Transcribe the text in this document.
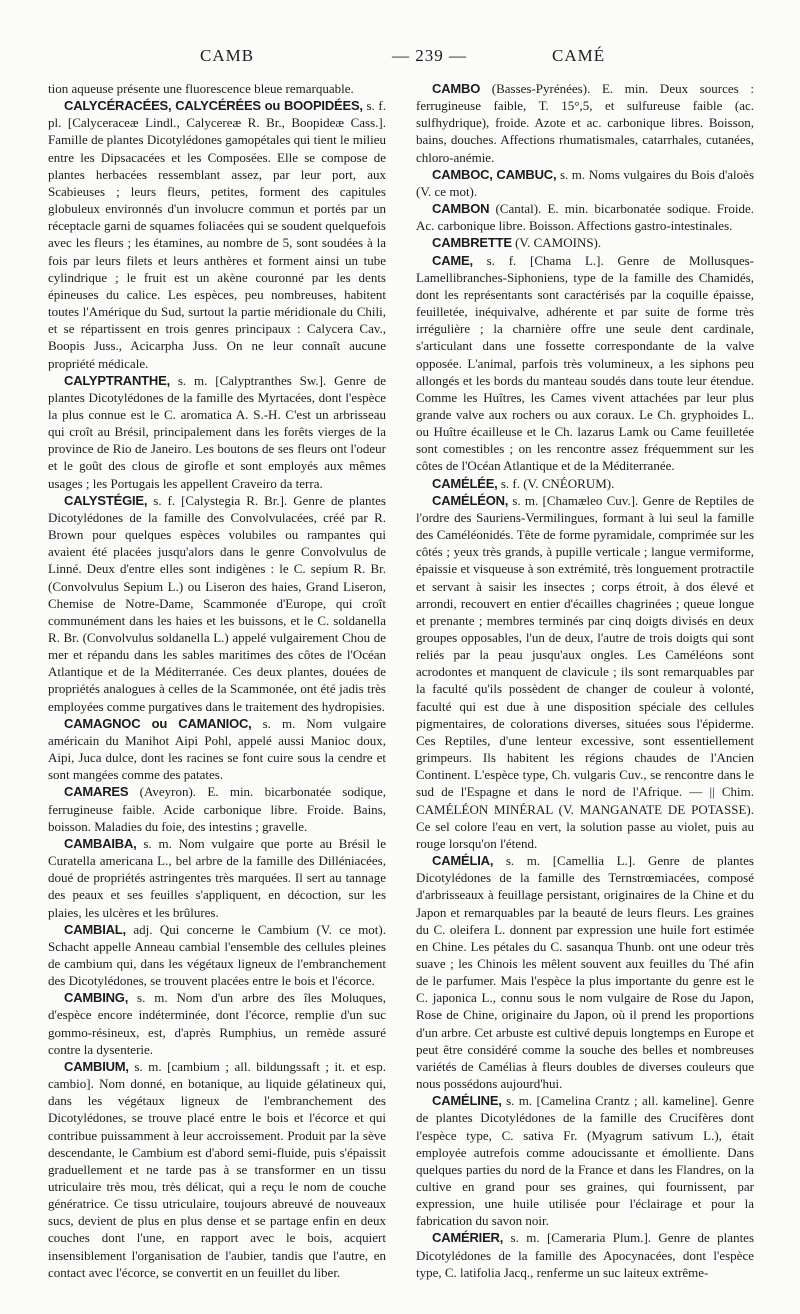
CAMB	— 239 —	CAMÉ

tion aqueuse présente une fluorescence bleue remarquable.

CALYCÉRACÉES, CALYCÉRÉES ou BOOPIDÉES, s. f. pl. [Calyceraceæ Lindl., Calycereæ R. Br., Boopideæ Cass.]. Famille de plantes Dicotylédones gamopétales qui tient le milieu entre les Dipsacacées et les Composées. Elle se compose de plantes herbacées ressemblant assez, par leur port, aux Scabieuses ; leurs fleurs, petites, forment des capitules globuleux environnés d'un involucre commun et portés par un réceptacle garni de squames foliacées qui se soudent quelquefois avec les fleurs ; les étamines, au nombre de 5, sont soudées à la fois par leurs filets et leurs anthères et forment ainsi un tube cylindrique ; le fruit est un akène couronné par les dents épineuses du calice. Les espèces, peu nombreuses, habitent toutes l'Amérique du Sud, surtout la partie méridionale du Chili, et se répartissent en trois genres principaux : Calycera Cav., Boopis Juss., Acicarpha Juss. On ne leur connaît aucune propriété médicale.

CALYPTRANTHE, s. m. [Calyptranthes Sw.]. Genre de plantes Dicotylédones de la famille des Myrtacées, dont l'espèce la plus connue est le C. aromatica A. S.-H. C'est un arbrisseau qui croît au Brésil, principalement dans les forêts vierges de la province de Rio de Janeiro. Les boutons de ses fleurs ont l'odeur et le goût des clous de girofle et sont employés aux mêmes usages ; les Portugais les appellent Craveiro da terra.

CALYSTÉGIE, s. f. [Calystegia R. Br.]. Genre de plantes Dicotylédones de la famille des Convolvulacées, créé par R. Brown pour quelques espèces volubiles ou rampantes qui avaient été placées jusqu'alors dans le genre Convolvulus de Linné. Deux d'entre elles sont indigènes : le C. sepium R. Br. (Convolvulus Sepium L.) ou Liseron des haies, Grand Liseron, Chemise de Notre-Dame, Scammonée d'Europe, qui croît communément dans les haies et les buissons, et le C. soldanella R. Br. (Convolvulus soldanella L.) appelé vulgairement Chou de mer et répandu dans les sables maritimes des côtes de l'Océan Atlantique et de la Méditerranée. Ces deux plantes, douées de propriétés analogues à celles de la Scammonée, ont été jadis très employées comme purgatives dans le traitement des hydropisies.

CAMAGNOC ou CAMANIOC, s. m. Nom vulgaire américain du Manihot Aipi Pohl, appelé aussi Manioc doux, Aipi, Juca dulce, dont les racines se font cuire sous la cendre et sont mangées comme des patates.

CAMARES (Aveyron). E. min. bicarbonatée sodique, ferrugineuse faible. Acide carbonique libre. Froide. Bains, boisson. Maladies du foie, des intestins ; gravelle.

CAMBAIBA, s. m. Nom vulgaire que porte au Brésil le Curatella americana L., bel arbre de la famille des Dilléniacées, doué de propriétés astringentes très marquées. Il sert au tannage des peaux et ses feuilles s'appliquent, en décoction, sur les plaies, les ulcères et les brûlures.

CAMBIAL, adj. Qui concerne le Cambium (V. ce mot). Schacht appelle Anneau cambial l'ensemble des cellules pleines de cambium qui, dans les végétaux ligneux de l'embranchement des Dicotylédones, se trouvent placées entre le bois et l'écorce.

CAMBING, s. m. Nom d'un arbre des îles Moluques, d'espèce encore indéterminée, dont l'écorce, remplie d'un suc gommo-résineux, est, d'après Rumphius, un remède assuré contre la dysenterie.

CAMBIUM, s. m. [cambium ; all. bildungssaft ; it. et esp. cambio]. Nom donné, en botanique, au liquide gélatineux qui, dans les végétaux ligneux de l'embranchement des Dicotylédones, se trouve placé entre le bois et l'écorce et qui contribue puissamment à leur accroissement. Produit par la sève descendante, le Cambium est d'abord semi-fluide, puis s'épaissit graduellement et ne tarde pas à se transformer en un tissu utriculaire très mou, très délicat, qui a reçu le nom de couche génératrice. Ce tissu utriculaire, toujours abreuvé de nouveaux sucs, devient de plus en plus dense et se partage enfin en deux couches dont l'une, en rapport avec le bois, acquiert insensiblement l'organisation de l'aubier, tandis que l'autre, en contact avec l'écorce, se convertit en un feuillet du liber.

CAMBO (Basses-Pyrénées). E. min. Deux sources : ferrugineuse faible, T. 15°,5, et sulfureuse faible (ac. sulfhydrique), froide. Azote et ac. carbonique libres. Boisson, bains, douches. Affections rhumatismales, catarrhales, cutanées, chloro-anémie.

CAMBOC, CAMBUC, s. m. Noms vulgaires du Bois d'aloès (V. ce mot).

CAMBON (Cantal). E. min. bicarbonatée sodique. Froide. Ac. carbonique libre. Boisson. Affections gastro-intestinales.

CAMBRETTE (V. CAMOINS).

CAME, s. f. [Chama L.]. Genre de Mollusques-Lamellibranches-Siphoniens, type de la famille des Chamidés, dont les représentants sont caractérisés par la coquille épaisse, feuilletée, inéquivalve, adhérente et par suite de forme très irrégulière ; la charnière offre une seule dent cardinale, s'articulant dans une fossette correspondante de la valve opposée. L'animal, parfois très volumineux, a les siphons peu allongés et les bords du manteau soudés dans toute leur étendue. Comme les Huîtres, les Cames vivent attachées par leur plus grande valve aux rochers ou aux coraux. Le Ch. gryphoides L. ou Huître écailleuse et le Ch. lazarus Lamk ou Came feuilletée sont comestibles ; on les rencontre assez fréquemment sur les côtes de l'Océan Atlantique et de la Méditerranée.

CAMÉLÉE, s. f. (V. CNÉORUM).

CAMÉLÉON, s. m. [Chamæleo Cuv.]. Genre de Reptiles de l'ordre des Sauriens-Vermilingues, formant à lui seul la famille des Caméléonidés. Tête de forme pyramidale, comprimée sur les côtés ; yeux très grands, à pupille verticale ; langue vermiforme, épaissie et visqueuse à son extrémité, très longuement protractile et servant à saisir les insectes ; corps étroit, à dos élevé et arrondi, recouvert en entier d'écailles chagrinées ; queue longue et prenante ; membres terminés par cinq doigts divisés en deux groupes opposables, l'un de deux, l'autre de trois doigts qui sont reliés par la peau jusqu'aux ongles. Les Caméléons sont acrodontes et manquent de clavicule ; ils sont remarquables par la faculté qu'ils possèdent de changer de couleur à volonté, faculté qui est due à une disposition spéciale des cellules pigmentaires, de colorations diverses, situées sous l'épiderme. Ces Reptiles, d'une lenteur excessive, sont essentiellement grimpeurs. Ils habitent les régions chaudes de l'Ancien Continent. L'espèce type, Ch. vulgaris Cuv., se rencontre dans le sud de l'Espagne et dans le nord de l'Afrique. — || Chim. CAMÉLÉON MINÉRAL (V. MANGANATE DE POTASSE). Ce sel colore l'eau en vert, la solution passe au violet, puis au rouge lorsqu'on l'étend.

CAMÉLIA, s. m. [Camellia L.]. Genre de plantes Dicotylédones de la famille des Ternstrœmiacées, composé d'arbrisseaux à feuillage persistant, originaires de la Chine et du Japon et remarquables par la beauté de leurs fleurs. Les graines du C. oleifera L. donnent par expression une huile fort estimée en Chine. Les pétales du C. sasanqua Thunb. ont une odeur très suave ; les Chinois les mêlent souvent aux feuilles du Thé afin de le parfumer. Mais l'espèce la plus importante du genre est le C. japonica L., connu sous le nom vulgaire de Rose du Japon, Rose de Chine, originaire du Japon, où il prend les proportions d'un arbre. Cet arbuste est cultivé depuis longtemps en Europe et peut être considéré comme la souche des belles et nombreuses variétés de Camélias à fleurs doubles de diverses couleurs que nous possédons aujourd'hui.

CAMÉLINE, s. m. [Camelina Crantz ; all. kameline]. Genre de plantes Dicotylédones de la famille des Crucifères dont l'espèce type, C. sativa Fr. (Myagrum sativum L.), était employée autrefois comme adoucissante et émolliente. Dans quelques parties du nord de la France et dans les Flandres, on la cultive en grand pour ses graines, qui fournissent, par expression, une huile utilisée pour l'éclairage et pour la fabrication du savon noir.

CAMÉRIER, s. m. [Cameraria Plum.]. Genre de plantes Dicotylédones de la famille des Apocynacées, dont l'espèce type, C. latifolia Jacq., renferme un suc laiteux extrême-
